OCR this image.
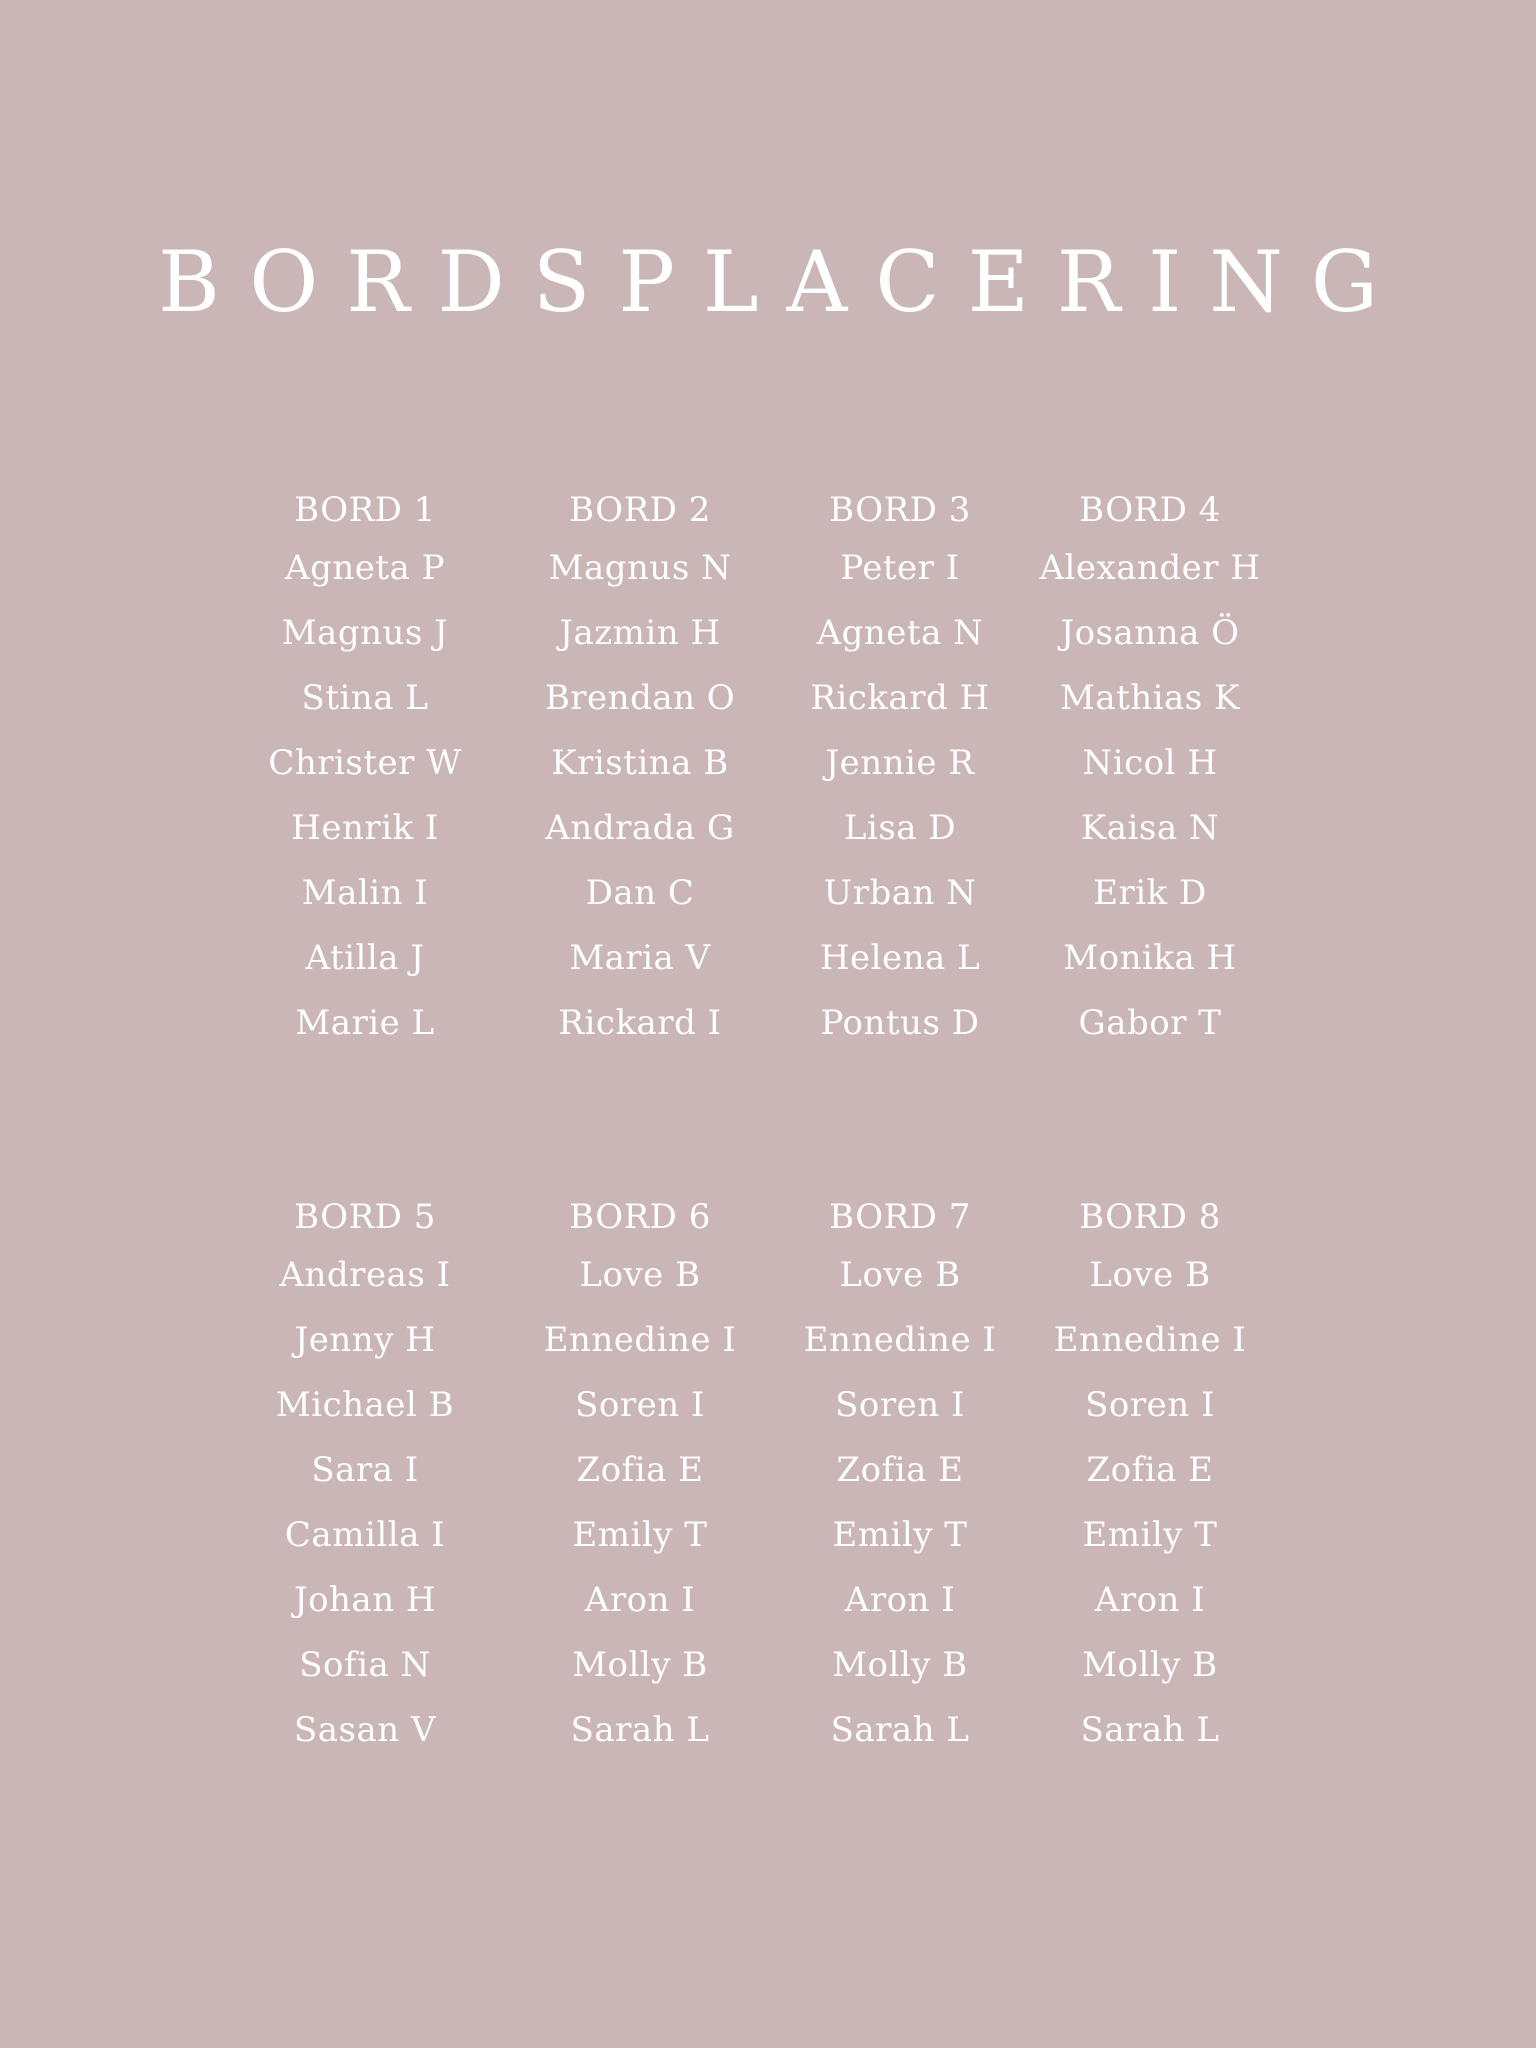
BORDSPLACERING
BORD 1
Agneta P
Magnus J
Stina L
Christer W
Henrik I
Malin I
Atilla J
Marie L
BORD 2
Magnus N
Jazmin H
Brendan O
Kristina B
Andrada G
Dan C
Maria V
Rickard I
BORD 3
Peter I
Agneta N
Rickard H
Jennie R
Lisa D
Urban N
Helena L
Pontus D
BORD 4
Alexander H
Josanna Ö
Mathias K
Nicol H
Kaisa N
Erik D
Monika H
Gabor T
BORD 5
Andreas I
Jenny H
Michael B
Sara I
Camilla I
Johan H
Sofia N
Sasan V
BORD 6
Love B
Ennedine I
Soren I
Zofia E
Emily T
Aron I
Molly B
Sarah L
BORD 7
Love B
Ennedine I
Soren I
Zofia E
Emily T
Aron I
Molly B
Sarah L
BORD 8
Love B
Ennedine I
Soren I
Zofia E
Emily T
Aron I
Molly B
Sarah L
